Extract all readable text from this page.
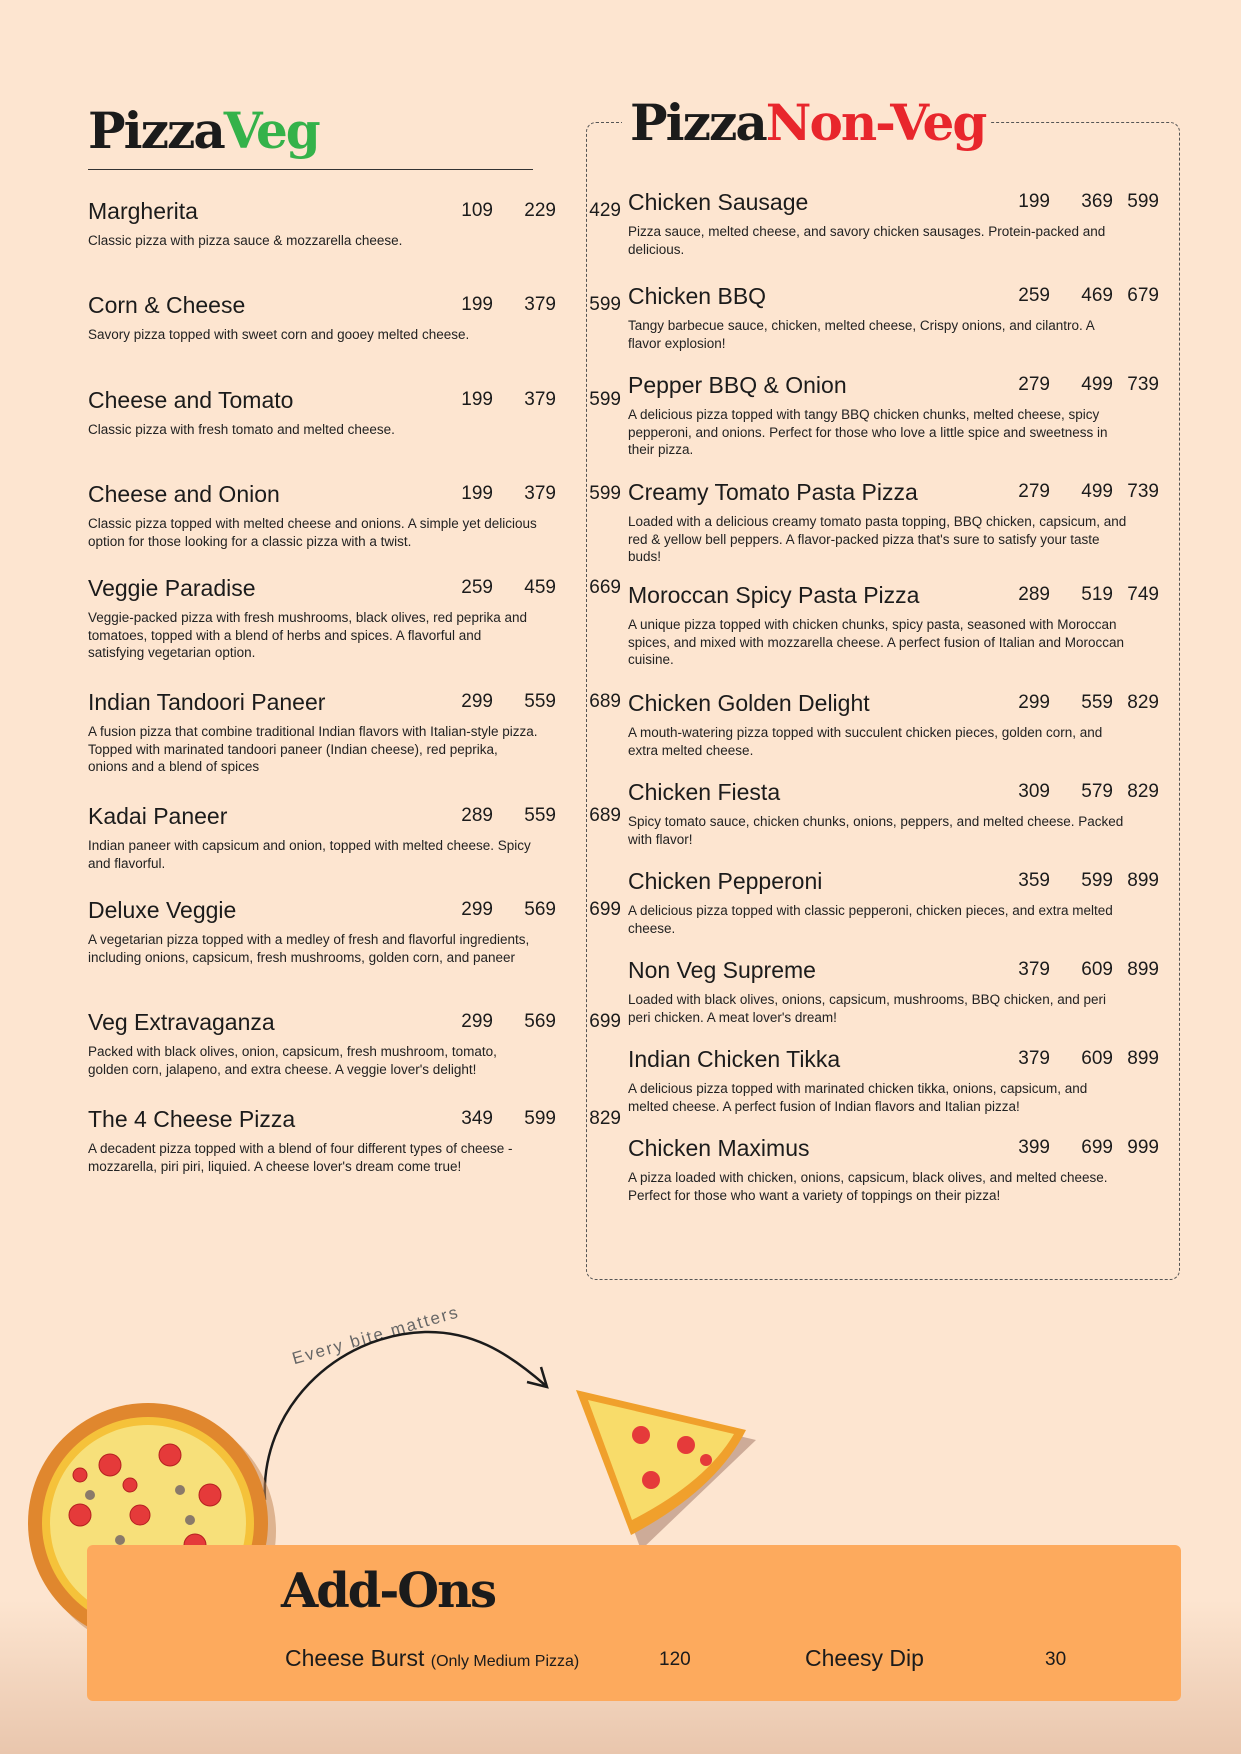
PizzaVeg	PizzaNon-Veg
Margherita	109	229	429
Classic pizza with pizza sauce & mozzarella cheese.
Corn & Cheese	199	379	599
Savory pizza topped with sweet corn and gooey melted cheese.
Cheese and Tomato	199	379	599
Classic pizza with fresh tomato and melted cheese.
Cheese and Onion	199	379	599
Classic pizza topped with melted cheese and onions. A simple yet delicious option for those looking for a classic pizza with a twist.
Veggie Paradise	259	459	669
Veggie-packed pizza with fresh mushrooms, black olives, red peprika and tomatoes, topped with a blend of herbs and spices. A flavorful and satisfying vegetarian option.
Indian Tandoori Paneer	299	559	689
A fusion pizza that combine traditional Indian flavors with Italian-style pizza. Topped with marinated tandoori paneer (Indian cheese), red peprika, onions and a blend of spices
Kadai Paneer	289	559	689
Indian paneer with capsicum and onion, topped with melted cheese. Spicy and flavorful.
Deluxe Veggie	299	569	699
A vegetarian pizza topped with a medley of fresh and flavorful ingredients, including onions, capsicum, fresh mushrooms, golden corn, and paneer
Veg Extravaganza	299	569	699
Packed with black olives, onion, capsicum, fresh mushroom, tomato, golden corn, jalapeno, and extra cheese. A veggie lover's delight!
The 4 Cheese Pizza	349	599	829
A decadent pizza topped with a blend of four different types of cheese - mozzarella, piri piri, liquied. A cheese lover's dream come true!
Chicken Sausage	199	369 599
Pizza sauce, melted cheese, and savory chicken sausages. Protein-packed and delicious.
Chicken BBQ	259	469 679
Tangy barbecue sauce, chicken, melted cheese, Crispy onions, and cilantro. A flavor explosion!
Pepper BBQ & Onion	279	499 739
A delicious pizza topped with tangy BBQ chicken chunks, melted cheese, spicy pepperoni, and onions. Perfect for those who love a little spice and sweetness in their pizza.
Creamy Tomato Pasta Pizza	279	499 739
Loaded with a delicious creamy tomato pasta topping, BBQ chicken, capsicum, and red & yellow bell peppers. A flavor-packed pizza that's sure to satisfy your taste buds!
Moroccan Spicy Pasta Pizza	289	519 749
A unique pizza topped with chicken chunks, spicy pasta, seasoned with Moroccan spices, and mixed with mozzarella cheese. A perfect fusion of Italian and Moroccan cuisine.
Chicken Golden Delight	299	559 829
A mouth-watering pizza topped with succulent chicken pieces, golden corn, and extra melted cheese.
Chicken Fiesta	309	579 829
Spicy tomato sauce, chicken chunks, onions, peppers, and melted cheese. Packed with flavor!
Chicken Pepperoni	359	599 899
A delicious pizza topped with classic pepperoni, chicken pieces, and extra melted cheese.
Non Veg Supreme	379	609 899
Loaded with black olives, onions, capsicum, mushrooms, BBQ chicken, and peri peri chicken. A meat lover's dream!
Indian Chicken Tikka	379	609 899
A delicious pizza topped with marinated chicken tikka, onions, capsicum, and melted cheese. A perfect fusion of Indian flavors and Italian pizza!
Chicken Maximus	399	699 999
A pizza loaded with chicken, onions, capsicum, black olives, and melted cheese. Perfect for those who want a variety of toppings on their pizza!
Every bite matters
Add-Ons
Cheese Burst (Only Medium Pizza)	120	Cheesy Dip	30
